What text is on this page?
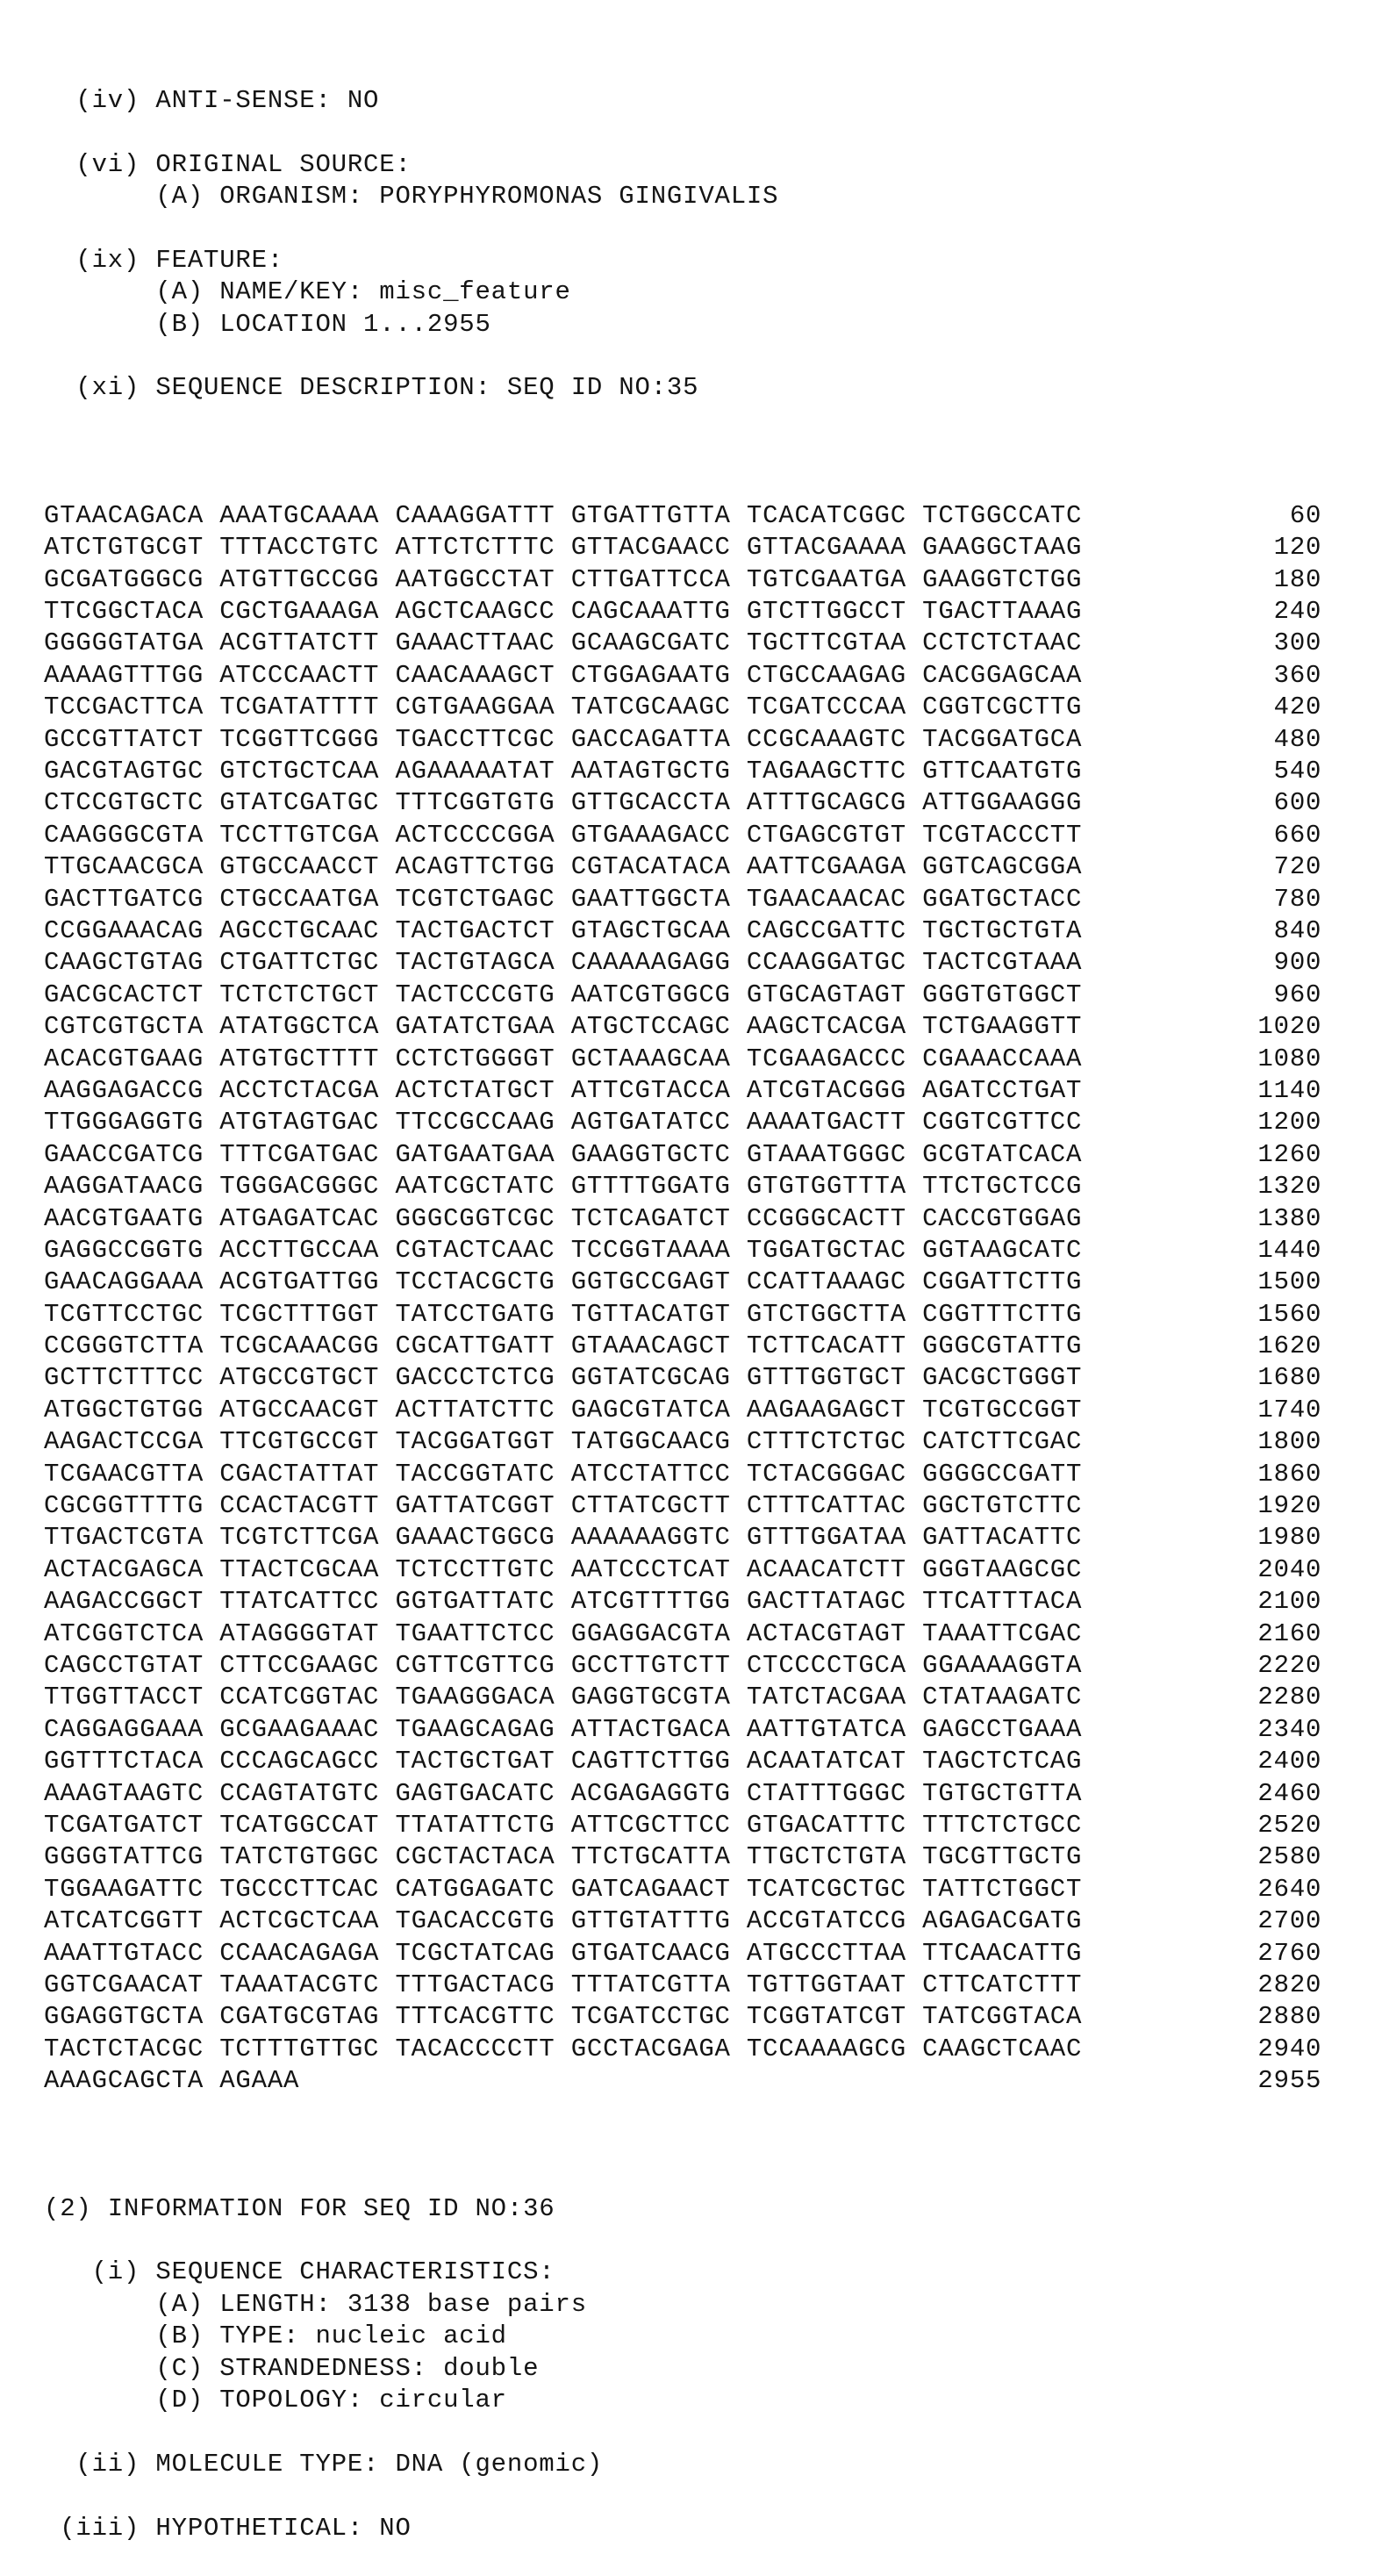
(iv) ANTI-SENSE: NO

(vi) ORIGINAL SOURCE:
(A) ORGANISM: PORYPHYROMONAS GINGIVALIS

(ix) FEATURE:
(A) NAME/KEY: misc_feature
(B) LOCATION 1...2955

(xi) SEQUENCE DESCRIPTION: SEQ ID NO:35

GTAACAGACA AAATGCAAAA CAAAGGATTT GTGATTGTTA TCACATCGGC TCTGGCCATC             60
ATCTGTGCGT TTTACCTGTC ATTCTCTTTC GTTACGAACC GTTACGAAAA GAAGGCTAAG            120
GCGATGGGCG ATGTTGCCGG AATGGCCTAT CTTGATTCCA TGTCGAATGA GAAGGTCTGG            180
TTCGGCTACA CGCTGAAAGA AGCTCAAGCC CAGCAAATTG GTCTTGGCCT TGACTTAAAG            240
GGGGGTATGA ACGTTATCTT GAAACTTAAC GCAAGCGATC TGCTTCGTAA CCTCTCTAAC            300
AAAAGTTTGG ATCCCAACTT CAACAAAGCT CTGGAGAATG CTGCCAAGAG CACGGAGCAA            360
TCCGACTTCA TCGATATTTT CGTGAAGGAA TATCGCAAGC TCGATCCCAA CGGTCGCTTG            420
GCCGTTATCT TCGGTTCGGG TGACCTTCGC GACCAGATTA CCGCAAAGTC TACGGATGCA            480
GACGTAGTGC GTCTGCTCAA AGAAAAATAT AATAGTGCTG TAGAAGCTTC GTTCAATGTG            540
CTCCGTGCTC GTATCGATGC TTTCGGTGTG GTTGCACCTA ATTTGCAGCG ATTGGAAGGG            600
CAAGGGCGTA TCCTTGTCGA ACTCCCCGGA GTGAAAGACC CTGAGCGTGT TCGTACCCTT            660
TTGCAACGCA GTGCCAACCT ACAGTTCTGG CGTACATACA AATTCGAAGA GGTCAGCGGA            720
GACTTGATCG CTGCCAATGA TCGTCTGAGC GAATTGGCTA TGAACAACAC GGATGCTACC            780
CCGGAAACAG AGCCTGCAAC TACTGACTCT GTAGCTGCAA CAGCCGATTC TGCTGCTGTA            840
CAAGCTGTAG CTGATTCTGC TACTGTAGCA CAAAAAGAGG CCAAGGATGC TACTCGTAAA            900
GACGCACTCT TCTCTCTGCT TACTCCCGTG AATCGTGGCG GTGCAGTAGT GGGTGTGGCT            960
CGTCGTGCTA ATATGGCTCA GATATCTGAA ATGCTCCAGC AAGCTCACGA TCTGAAGGTT           1020
ACACGTGAAG ATGTGCTTTT CCTCTGGGGT GCTAAAGCAA TCGAAGACCC CGAAACCAAA           1080
AAGGAGACCG ACCTCTACGA ACTCTATGCT ATTCGTACCA ATCGTACGGG AGATCCTGAT           1140
TTGGGAGGTG ATGTAGTGAC TTCCGCCAAG AGTGATATCC AAAATGACTT CGGTCGTTCC           1200
GAACCGATCG TTTCGATGAC GATGAATGAA GAAGGTGCTC GTAAATGGGC GCGTATCACA           1260
AAGGATAACG TGGGACGGGC AATCGCTATC GTTTTGGATG GTGTGGTTTA TTCTGCTCCG           1320
AACGTGAATG ATGAGATCAC GGGCGGTCGC TCTCAGATCT CCGGGCACTT CACCGTGGAG           1380
GAGGCCGGTG ACCTTGCCAA CGTACTCAAC TCCGGTAAAA TGGATGCTAC GGTAAGCATC           1440
GAACAGGAAA ACGTGATTGG TCCTACGCTG GGTGCCGAGT CCATTAAAGC CGGATTCTTG           1500
TCGTTCCTGC TCGCTTTGGT TATCCTGATG TGTTACATGT GTCTGGCTTA CGGTTTCTTG           1560
CCGGGTCTTA TCGCAAACGG CGCATTGATT GTAAACAGCT TCTTCACATT GGGCGTATTG           1620
GCTTCTTTCC ATGCCGTGCT GACCCTCTCG GGTATCGCAG GTTTGGTGCT GACGCTGGGT           1680
ATGGCTGTGG ATGCCAACGT ACTTATCTTC GAGCGTATCA AAGAAGAGCT TCGTGCCGGT           1740
AAGACTCCGA TTCGTGCCGT TACGGATGGT TATGGCAACG CTTTCTCTGC CATCTTCGAC           1800
TCGAACGTTA CGACTATTAT TACCGGTATC ATCCTATTCC TCTACGGGAC GGGGCCGATT           1860
CGCGGTTTTG CCACTACGTT GATTATCGGT CTTATCGCTT CTTTCATTAC GGCTGTCTTC           1920
TTGACTCGTA TCGTCTTCGA GAAACTGGCG AAAAAAGGTC GTTTGGATAA GATTACATTC           1980
ACTACGAGCA TTACTCGCAA TCTCCTTGTC AATCCCTCAT ACAACATCTT GGGTAAGCGC           2040
AAGACCGGCT TTATCATTCC GGTGATTATC ATCGTTTTGG GACTTATAGC TTCATTTACA           2100
ATCGGTCTCA ATAGGGGTAT TGAATTCTCC GGAGGACGTA ACTACGTAGT TAAATTCGAC           2160
CAGCCTGTAT CTTCCGAAGC CGTTCGTTCG GCCTTGTCTT CTCCCCTGCA GGAAAAGGTA           2220
TTGGTTACCT CCATCGGTAC TGAAGGGACA GAGGTGCGTA TATCTACGAA CTATAAGATC           2280
CAGGAGGAAA GCGAAGAAAC TGAAGCAGAG ATTACTGACA AATTGTATCA GAGCCTGAAA           2340
GGTTTCTACA CCCAGCAGCC TACTGCTGAT CAGTTCTTGG ACAATATCAT TAGCTCTCAG           2400
AAAGTAAGTC CCAGTATGTC GAGTGACATC ACGAGAGGTG CTATTTGGGC TGTGCTGTTA           2460
TCGATGATCT TCATGGCCAT TTATATTCTG ATTCGCTTCC GTGACATTTC TTTCTCTGCC           2520
GGGGTATTCG TATCTGTGGC CGCTACTACA TTCTGCATTA TTGCTCTGTA TGCGTTGCTG           2580
TGGAAGATTC TGCCCTTCAC CATGGAGATC GATCAGAACT TCATCGCTGC TATTCTGGCT           2640
ATCATCGGTT ACTCGCTCAA TGACACCGTG GTTGTATTTG ACCGTATCCG AGAGACGATG           2700
AAATTGTACC CCAACAGAGA TCGCTATCAG GTGATCAACG ATGCCCTTAA TTCAACATTG           2760
GGTCGAACAT TAAATACGTC TTTGACTACG TTTATCGTTA TGTTGGTAAT CTTCATCTTT           2820
GGAGGTGCTA CGATGCGTAG TTTCACGTTC TCGATCCTGC TCGGTATCGT TATCGGTACA           2880
TACTCTACGC TCTTTGTTGC TACACCCCTT GCCTACGAGA TCCAAAAGCG CAAGCTCAAC           2940
AAAGCAGCTA AGAAA                                                            2955

(2) INFORMATION FOR SEQ ID NO:36

(i) SEQUENCE CHARACTERISTICS:
(A) LENGTH: 3138 base pairs
(B) TYPE: nucleic acid
(C) STRANDEDNESS: double
(D) TOPOLOGY: circular

(ii) MOLECULE TYPE: DNA (genomic)

(iii) HYPOTHETICAL: NO
